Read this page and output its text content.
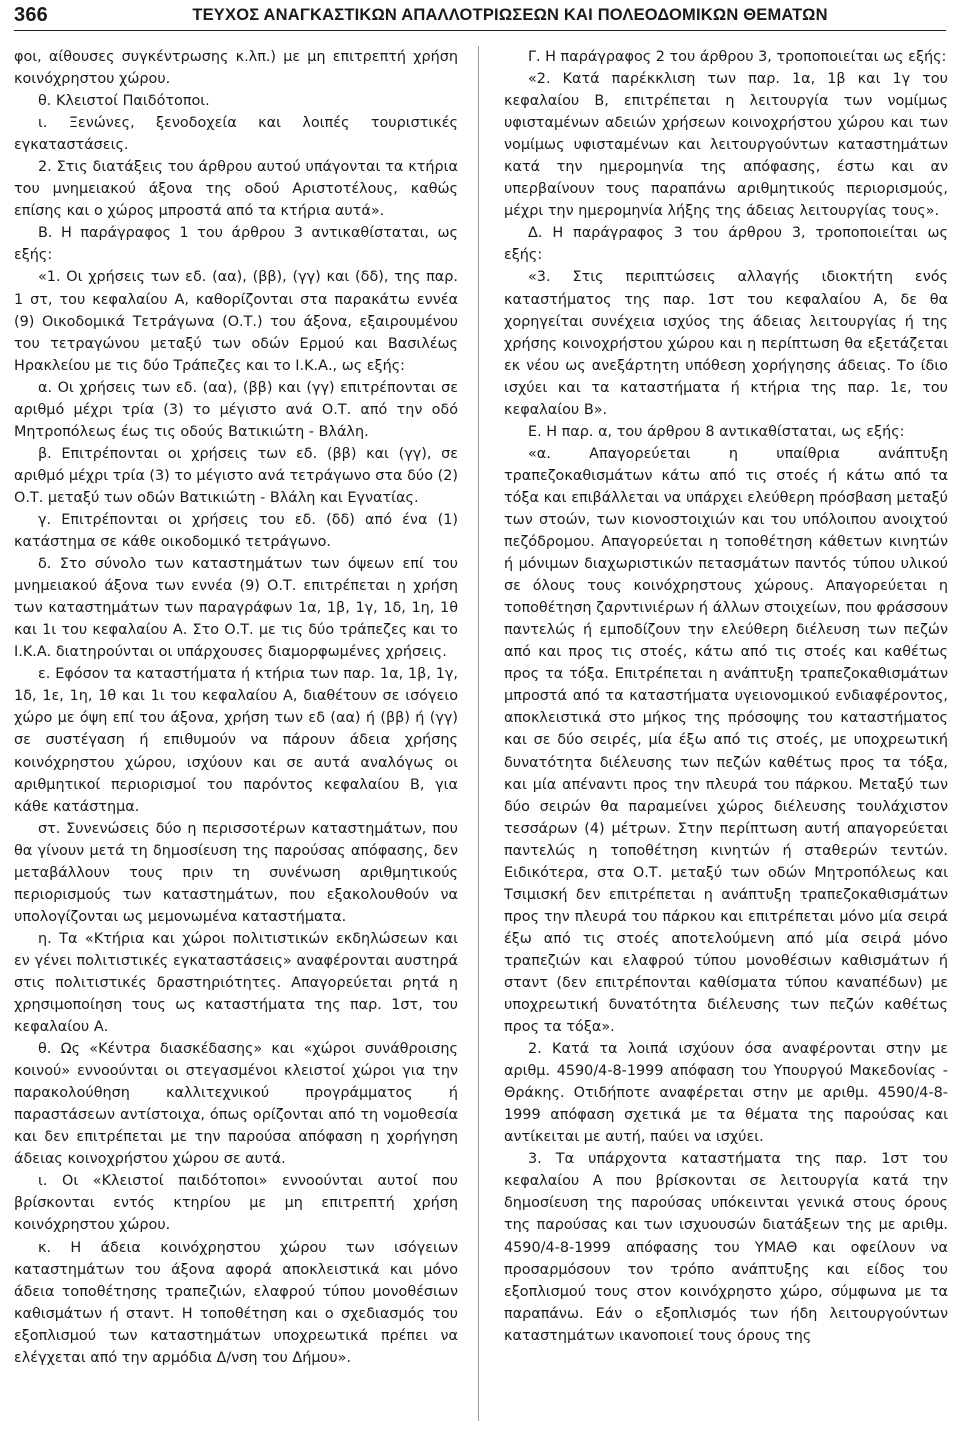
366	ΤΕΥΧΟΣ ΑΝΑΓΚΑΣΤΙΚΩΝ ΑΠΑΛΛΟΤΡΙΩΣΕΩΝ ΚΑΙ ΠΟΛΕΟΔΟΜΙΚΩΝ ΘΕΜΑΤΩΝ

φοι, αίθουσες συγκέντρωσης κ.λπ.) με μη επιτρεπτή χρήση κοινόχρηστου χώρου.

θ. Κλειστοί Παιδότοποι.

ι. Ξενώνες, ξενοδοχεία και λοιπές τουριστικές εγκαταστάσεις.

2. Στις διατάξεις του άρθρου αυτού υπάγονται τα κτήρια του μνημειακού άξονα της οδού Αριστοτέλους, καθώς επίσης και ο χώρος μπροστά από τα κτήρια αυτά».

Β. Η παράγραφος 1 του άρθρου 3 αντικαθίσταται, ως εξής:

«1. Οι χρήσεις των εδ. (αα), (ββ), (γγ) και (δδ), της παρ. 1 στ, του κεφαλαίου Α, καθορίζονται στα παρακάτω εννέα (9) Οικοδομικά Τετράγωνα (Ο.Τ.) του άξονα, εξαιρουμένου του τετραγώνου μεταξύ των οδών Ερμού και Βασιλέως Ηρακλείου με τις δύο Τράπεζες και το Ι.Κ.Α., ως εξής:

α. Οι χρήσεις των εδ. (αα), (ββ) και (γγ) επιτρέπονται σε αριθμό μέχρι τρία (3) το μέγιστο ανά Ο.Τ. από την οδό Μητροπόλεως έως τις οδούς Βατικιώτη - Βλάλη.

β. Επιτρέπονται οι χρήσεις των εδ. (ββ) και (γγ), σε αριθμό μέχρι τρία (3) το μέγιστο ανά τετράγωνο στα δύο (2) Ο.Τ. μεταξύ των οδών Βατικιώτη - Βλάλη και Εγνατίας.

γ. Επιτρέπονται οι χρήσεις του εδ. (δδ) από ένα (1) κατάστημα σε κάθε οικοδομικό τετράγωνο.

δ. Στο σύνολο των καταστημάτων των όψεων επί του μνημειακού άξονα των εννέα (9) Ο.Τ. επιτρέπεται η χρήση των καταστημάτων των παραγράφων 1α, 1β, 1γ, 1δ, 1η, 1θ και 1ι του κεφαλαίου Α. Στο Ο.Τ. με τις δύο τράπεζες και το Ι.Κ.Α. διατηρούνται οι υπάρχουσες διαμορφωμένες χρήσεις.

ε. Εφόσον τα καταστήματα ή κτήρια των παρ. 1α, 1β, 1γ, 1δ, 1ε, 1η, 1θ και 1ι του κεφαλαίου Α, διαθέτουν σε ισόγειο χώρο με όψη επί του άξονα, χρήση των εδ (αα) ή (ββ) ή (γγ) σε συστέγαση ή επιθυμούν να πάρουν άδεια χρήσης κοινόχρηστου χώρου, ισχύουν και σε αυτά αναλόγως οι αριθμητικοί περιορισμοί του παρόντος κεφαλαίου Β, για κάθε κατάστημα.

στ. Συνενώσεις δύο η περισσοτέρων καταστημάτων, που θα γίνουν μετά τη δημοσίευση της παρούσας απόφασης, δεν μεταβάλλουν τους πριν τη συνένωση αριθμητικούς περιορισμούς των καταστημάτων, που εξακολουθούν να υπολογίζονται ως μεμονωμένα καταστήματα.

η. Τα «Κτήρια και χώροι πολιτιστικών εκδηλώσεων και εν γένει πολιτιστικές εγκαταστάσεις» αναφέρονται αυστηρά στις πολιτιστικές δραστηριότητες. Απαγορεύεται ρητά η χρησιμοποίηση τους ως καταστήματα της παρ. 1στ, του κεφαλαίου Α.

θ. Ως «Κέντρα διασκέδασης» και «χώροι συνάθροισης κοινού» εννοούνται οι στεγασμένοι κλειστοί χώροι για την παρακολούθηση καλλιτεχνικού προγράμματος ή παραστάσεων αντίστοιχα, όπως ορίζονται από τη νομοθεσία και δεν επιτρέπεται με την παρούσα απόφαση η χορήγηση άδειας κοινοχρήστου χώρου σε αυτά.

ι. Οι «Κλειστοί παιδότοποι» εννοούνται αυτοί που βρίσκονται εντός κτηρίου με μη επιτρεπτή χρήση κοινόχρηστου χώρου.

κ. Η άδεια κοινόχρηστου χώρου των ισόγειων καταστημάτων του άξονα αφορά αποκλειστικά και μόνο άδεια τοποθέτησης τραπεζιών, ελαφρού τύπου μονοθέσιων καθισμάτων ή σταντ. Η τοποθέτηση και ο σχεδιασμός του εξοπλισμού των καταστημάτων υποχρεωτικά πρέπει να ελέγχεται από την αρμόδια Δ/νση του Δήμου».

Γ. Η παράγραφος 2 του άρθρου 3, τροποποιείται ως εξής:

«2. Κατά παρέκκλιση των παρ. 1α, 1β και 1γ του κεφαλαίου Β, επιτρέπεται η λειτουργία των νομίμως υφισταμένων αδειών χρήσεων κοινοχρήστου χώρου και των νομίμως υφισταμένων και λειτουργούντων καταστημάτων κατά την ημερομηνία της απόφασης, έστω και αν υπερβαίνουν τους παραπάνω αριθμητικούς περιορισμούς, μέχρι την ημερομηνία λήξης της άδειας λειτουργίας τους».

Δ. Η παράγραφος 3 του άρθρου 3, τροποποιείται ως εξής:

«3. Στις περιπτώσεις αλλαγής ιδιοκτήτη ενός καταστήματος της παρ. 1στ του κεφαλαίου Α, δε θα χορηγείται συνέχεια ισχύος της άδειας λειτουργίας ή της χρήσης κοινοχρήστου χώρου και η περίπτωση θα εξετάζεται εκ νέου ως ανεξάρτητη υπόθεση χορήγησης άδειας. Το ίδιο ισχύει και τα καταστήματα ή κτήρια της παρ. 1ε, του κεφαλαίου Β».

Ε. Η παρ. α, του άρθρου 8 αντικαθίσταται, ως εξής:

«α. Απαγορεύεται η υπαίθρια ανάπτυξη τραπεζοκαθισμάτων κάτω από τις στοές ή κάτω από τα τόξα και επιβάλλεται να υπάρχει ελεύθερη πρόσβαση μεταξύ των στοών, των κιονοστοιχιών και του υπόλοιπου ανοιχτού πεζόδρομου. Απαγορεύεται η τοποθέτηση κάθετων κινητών ή μόνιμων διαχωριστικών πετασμάτων παντός τύπου υλικού σε όλους τους κοινόχρηστους χώρους. Απαγορεύεται η τοποθέτηση ζαρντινιέρων ή άλλων στοιχείων, που φράσσουν παντελώς ή εμποδίζουν την ελεύθερη διέλευση των πεζών από και προς τις στοές, κάτω από τις στοές και καθέτως προς τα τόξα. Επιτρέπεται η ανάπτυξη τραπεζοκαθισμάτων μπροστά από τα καταστήματα υγειονομικού ενδιαφέροντος, αποκλειστικά στο μήκος της πρόσοψης του καταστήματος και σε δύο σειρές, μία έξω από τις στοές, με υποχρεωτική δυνατότητα διέλευσης των πεζών καθέτως προς τα τόξα, και μία απέναντι προς την πλευρά του πάρκου. Μεταξύ των δύο σειρών θα παραμείνει χώρος διέλευσης τουλάχιστον τεσσάρων (4) μέτρων. Στην περίπτωση αυτή απαγορεύεται παντελώς η τοποθέτηση κινητών ή σταθερών τεντών. Ειδικότερα, στα Ο.Τ. μεταξύ των οδών Μητροπόλεως και Τσιμισκή δεν επιτρέπεται η ανάπτυξη τραπεζοκαθισμάτων προς την πλευρά του πάρκου και επιτρέπεται μόνο μία σειρά έξω από τις στοές αποτελούμενη από μία σειρά μόνο τραπεζιών και ελαφρού τύπου μονοθέσιων καθισμάτων ή σταντ (δεν επιτρέπονται καθίσματα τύπου καναπέδων) με υποχρεωτική δυνατότητα διέλευσης των πεζών καθέτως προς τα τόξα».

2. Κατά τα λοιπά ισχύουν όσα αναφέρονται στην με αριθμ. 4590/4-8-1999 απόφαση του Υπουργού Μακεδονίας - Θράκης. Οτιδήποτε αναφέρεται στην με αριθμ. 4590/4-8-1999 απόφαση σχετικά με τα θέματα της παρούσας και αντίκειται με αυτή, παύει να ισχύει.

3. Τα υπάρχοντα καταστήματα της παρ. 1στ του κεφαλαίου Α που βρίσκονται σε λειτουργία κατά την δημοσίευση της παρούσας υπόκεινται γενικά στους όρους της παρούσας και των ισχυουσών διατάξεων της με αριθμ. 4590/4-8-1999 απόφασης του ΥΜΑΘ και οφείλουν να προσαρμόσουν τον τρόπο ανάπτυξης και είδος του εξοπλισμού τους στον κοινόχρηστο χώρο, σύμφωνα με τα παραπάνω. Εάν ο εξοπλισμός των ήδη λειτουργούντων καταστημάτων ικανοποιεί τους όρους της
